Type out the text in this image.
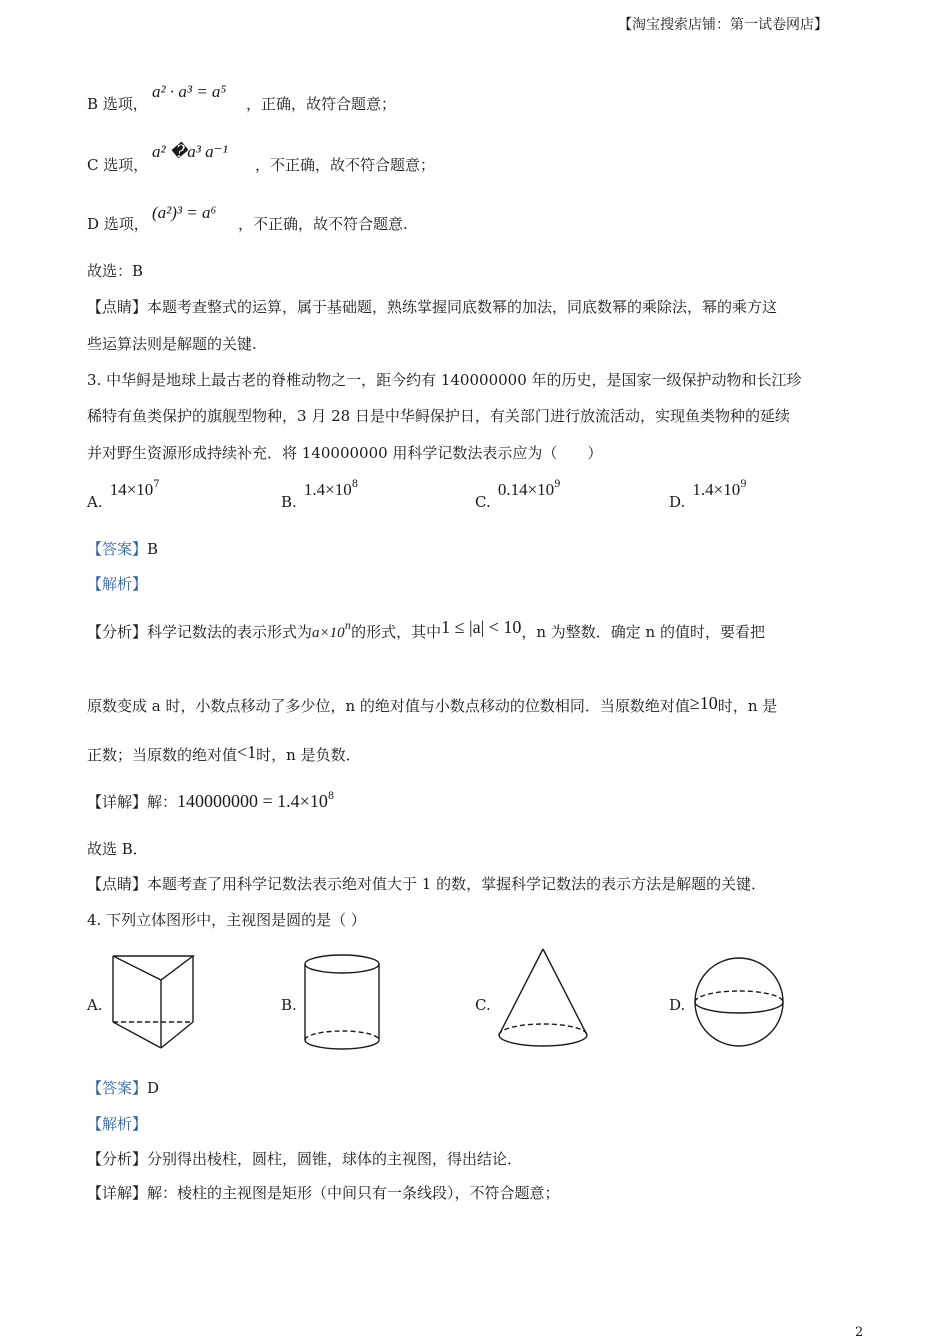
【淘宝搜索店铺：第一试卷网店】
B 选项，
a² · a³ = a⁵
，正确，故符合题意；
C 选项，
a² �a³ a⁻¹
，不正确，故不符合题意；
D 选项，
(a²)³ = a⁶
，不正确，故不符合题意.
故选：B
【点睛】本题考查整式的运算，属于基础题，熟练掌握同底数幂的加法，同底数幂的乘除法，幂的乘方这
些运算法则是解题的关键.
3. 中华鲟是地球上最古老的脊椎动物之一，距今约有 140000000 年的历史，是国家一级保护动物和长江珍
稀特有鱼类保护的旗舰型物种，3 月 28 日是中华鲟保护日，有关部门进行放流活动，实现鱼类物种的延续
并对野生资源形成持续补充．将 140000000 用科学记数法表示应为（　　）
A. $14\times 10^7$
B. $1.4\times 10^8$
C. $0.14\times 10^9$
D. $1.4\times 10^9$
【答案】B
【解析】
【分析】科学记数法的表示形式为$a\times 10^n$的形式，其中1 ≤ |a| < 10，n 为整数．确定 n 的值时，要看把
原数变成 a 时，小数点移动了多少位，n 的绝对值与小数点移动的位数相同．当原数绝对值≥10时，n 是
正数；当原数的绝对值<1时，n 是负数．
【详解】解：$140000000 = 1.4\times 10^8$
故选 B．
【点睛】本题考查了用科学记数法表示绝对值大于 1 的数，掌握科学记数法的表示方法是解题的关键．
4. 下列立体图形中，主视图是圆的是（ ）
A.	B.	C.	D.
【答案】D
【解析】
【分析】分别得出棱柱，圆柱，圆锥，球体的主视图，得出结论．
【详解】解：棱柱的主视图是矩形（中间只有一条线段），不符合题意；
2
